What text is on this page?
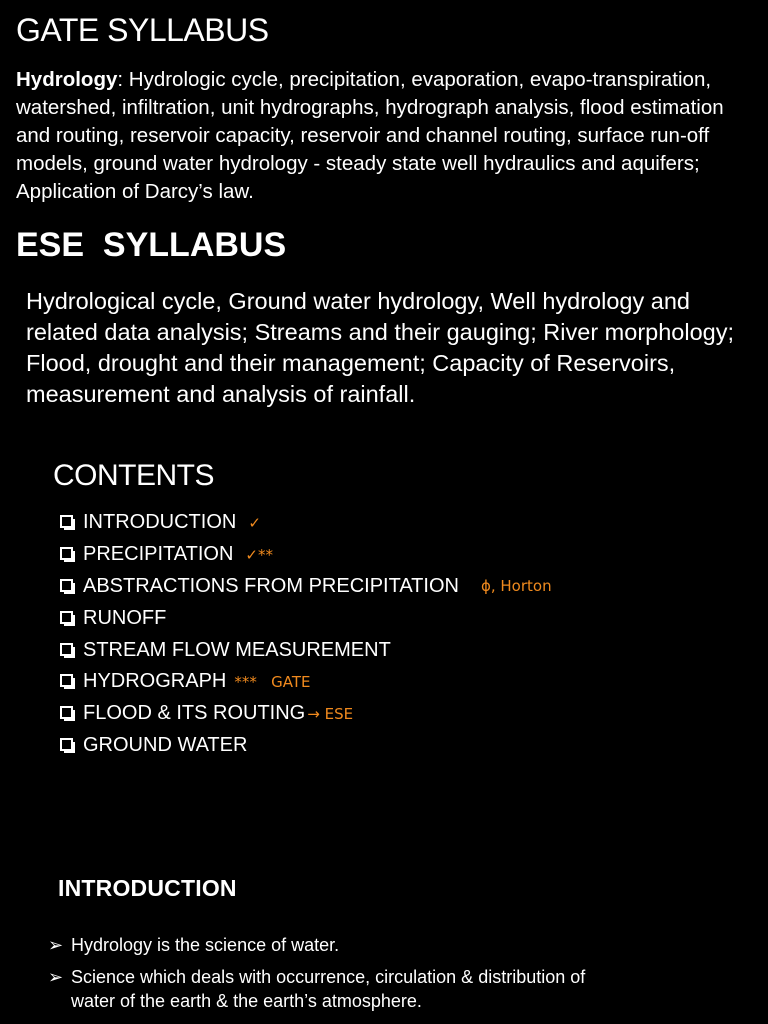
GATE SYLLABUS

Hydrology: Hydrologic cycle, precipitation, evaporation, evapo-transpiration, watershed, infiltration, unit hydrographs, hydrograph analysis, flood estimation and routing, reservoir capacity, reservoir and channel routing, surface run-off models, ground water hydrology - steady state well hydraulics and aquifers; Application of Darcy’s law.

ESE  SYLLABUS

Hydrological cycle, Ground water hydrology, Well hydrology and related data analysis; Streams and their gauging; River morphology; Flood, drought and their management; Capacity of Reservoirs, measurement and analysis of rainfall.

CONTENTS
INTRODUCTION ✓
PRECIPITATION ✓**
ABSTRACTIONS FROM PRECIPITATION ϕ, Horton
RUNOFF
STREAM FLOW MEASUREMENT
HYDROGRAPH ***   GATE
FLOOD & ITS ROUTING → ESE
GROUND WATER
INTRODUCTION
➢ Hydrology is the science of water.
➢ Science which deals with occurrence, circulation & distribution of water of the earth & the earth’s atmosphere.
